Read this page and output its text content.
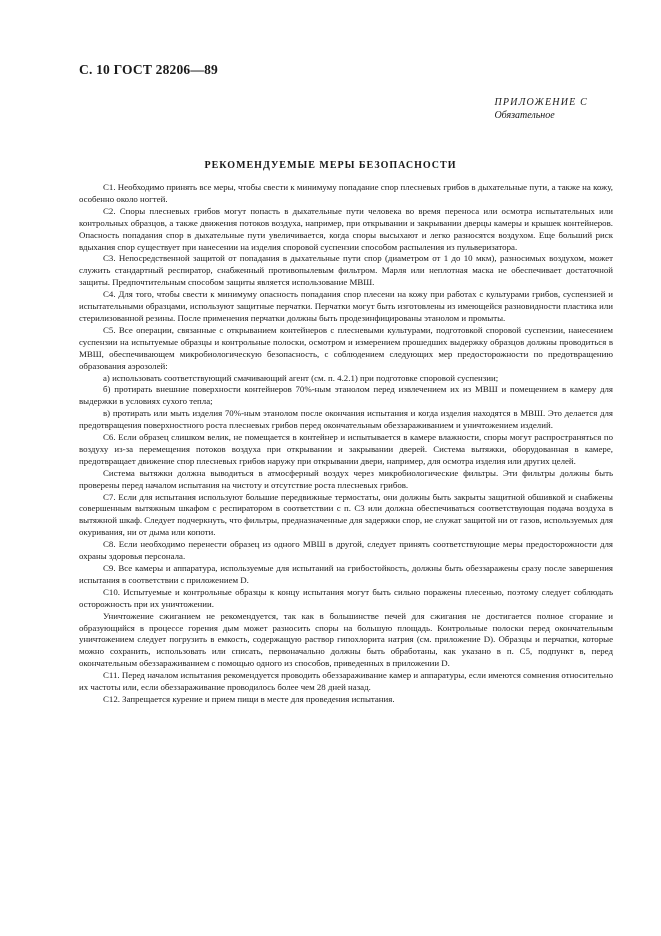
С. 10 ГОСТ 28206—89
ПРИЛОЖЕНИЕ С
Обязательное
РЕКОМЕНДУЕМЫЕ МЕРЫ БЕЗОПАСНОСТИ

С1. Необходимо принять все меры, чтобы свести к минимуму попадание спор плесневых грибов в дыхательные пути, а также на кожу, особенно около ногтей.

С2. Споры плесневых грибов могут попасть в дыхательные пути человека во время переноса или осмотра испытательных или контрольных образцов, а также движения потоков воздуха, например, при открывании и закрывании дверцы камеры и крышек контейнеров. Опасность попадания спор в дыхательные пути увеличивается, когда споры высыхают и легко разносятся воздухом. Еще больший риск вдыхания спор существует при нанесении на изделия споровой суспензии способом распыления из пульверизатора.

С3. Непосредственной защитой от попадания в дыхательные пути спор (диаметром от 1 до 10 мкм), разносимых воздухом, может служить стандартный респиратор, снабженный противопылевым фильтром. Марля или неплотная маска не обеспечивает достаточной защиты. Предпочтительным способом защиты является использование МВШ.

С4. Для того, чтобы свести к минимуму опасность попадания спор плесени на кожу при работах с культурами грибов, суспензией и испытательными образцами, используют защитные перчатки. Перчатки могут быть изготовлены из имеющейся разновидности пластика или стерилизованной резины. После применения перчатки должны быть продезинфицированы этанолом и промыты.

С5. Все операции, связанные с открыванием контейнеров с плесневыми культурами, подготовкой споровой суспензии, нанесением суспензии на испытуемые образцы и контрольные полоски, осмотром и измерением прошедших выдержку образцов должны проводиться в МВШ, обеспечивающем микробиологическую безопасность, с соблюдением следующих мер предосторожности по предотвращению образования аэрозолей:

а) использовать соответствующий смачивающий агент (см. п. 4.2.1) при подготовке споровой суспензии;

б) протирать внешние поверхности контейнеров 70%-ным этанолом перед извлечением их из МВШ и помещением в камеру для выдержки в условиях сухого тепла;

в) протирать или мыть изделия 70%-ным этанолом после окончания испытания и когда изделия находятся в МВШ. Это делается для предотвращения поверхностного роста плесневых грибов перед окончательным обеззараживанием и уничтожением изделий.

С6. Если образец слишком велик, не помещается в контейнер и испытывается в камере влажности, споры могут распространяться по воздуху из-за перемещения потоков воздуха при открывании и закрывании дверей. Система вытяжки, оборудованная в камере, предотвращает движение спор плесневых грибов наружу при открывании двери, например, для осмотра изделия или других целей.

Система вытяжки должна выводиться в атмосферный воздух через микробиологические фильтры. Эти фильтры должны быть проверены перед началом испытания на чистоту и отсутствие роста плесневых грибов.

С7. Если для испытания используют большие передвижные термостаты, они должны быть закрыты защитной обшивкой и снабжены совершенным вытяжным шкафом с респиратором в соответствии с п. С3 или должна обеспечиваться соответствующая подача воздуха в вытяжной шкаф. Следует подчеркнуть, что фильтры, предназначенные для задержки спор, не служат защитой ни от газов, используемых для окуривания, ни от дыма или копоти.

С8. Если необходимо перенести образец из одного МВШ в другой, следует принять соответствующие меры предосторожности для охраны здоровья персонала.

С9. Все камеры и аппаратура, используемые для испытаний на грибостойкость, должны быть обеззаражены сразу после завершения испытания в соответствии с приложением D.

С10. Испытуемые и контрольные образцы к концу испытания могут быть сильно поражены плесенью, поэтому следует соблюдать осторожность при их уничтожении.

Уничтожение сжиганием не рекомендуется, так как в большинстве печей для сжигания не достигается полное сгорание и образующийся в процессе горения дым может разносить споры на большую площадь. Контрольные полоски перед окончательным уничтожением следует погрузить в емкость, содержащую раствор гипохлорита натрия (см. приложение D). Образцы и перчатки, которые можно сохранить, использовать или списать, первоначально должны быть обработаны, как указано в п. С5, подпункт в, перед окончательным обеззараживанием с помощью одного из способов, приведенных в приложении D.

С11. Перед началом испытания рекомендуется проводить обеззараживание камер и аппаратуры, если имеются сомнения относительно их частоты или, если обеззараживание проводилось более чем 28 дней назад.

С12. Запрещается курение и прием пищи в месте для проведения испытания.
